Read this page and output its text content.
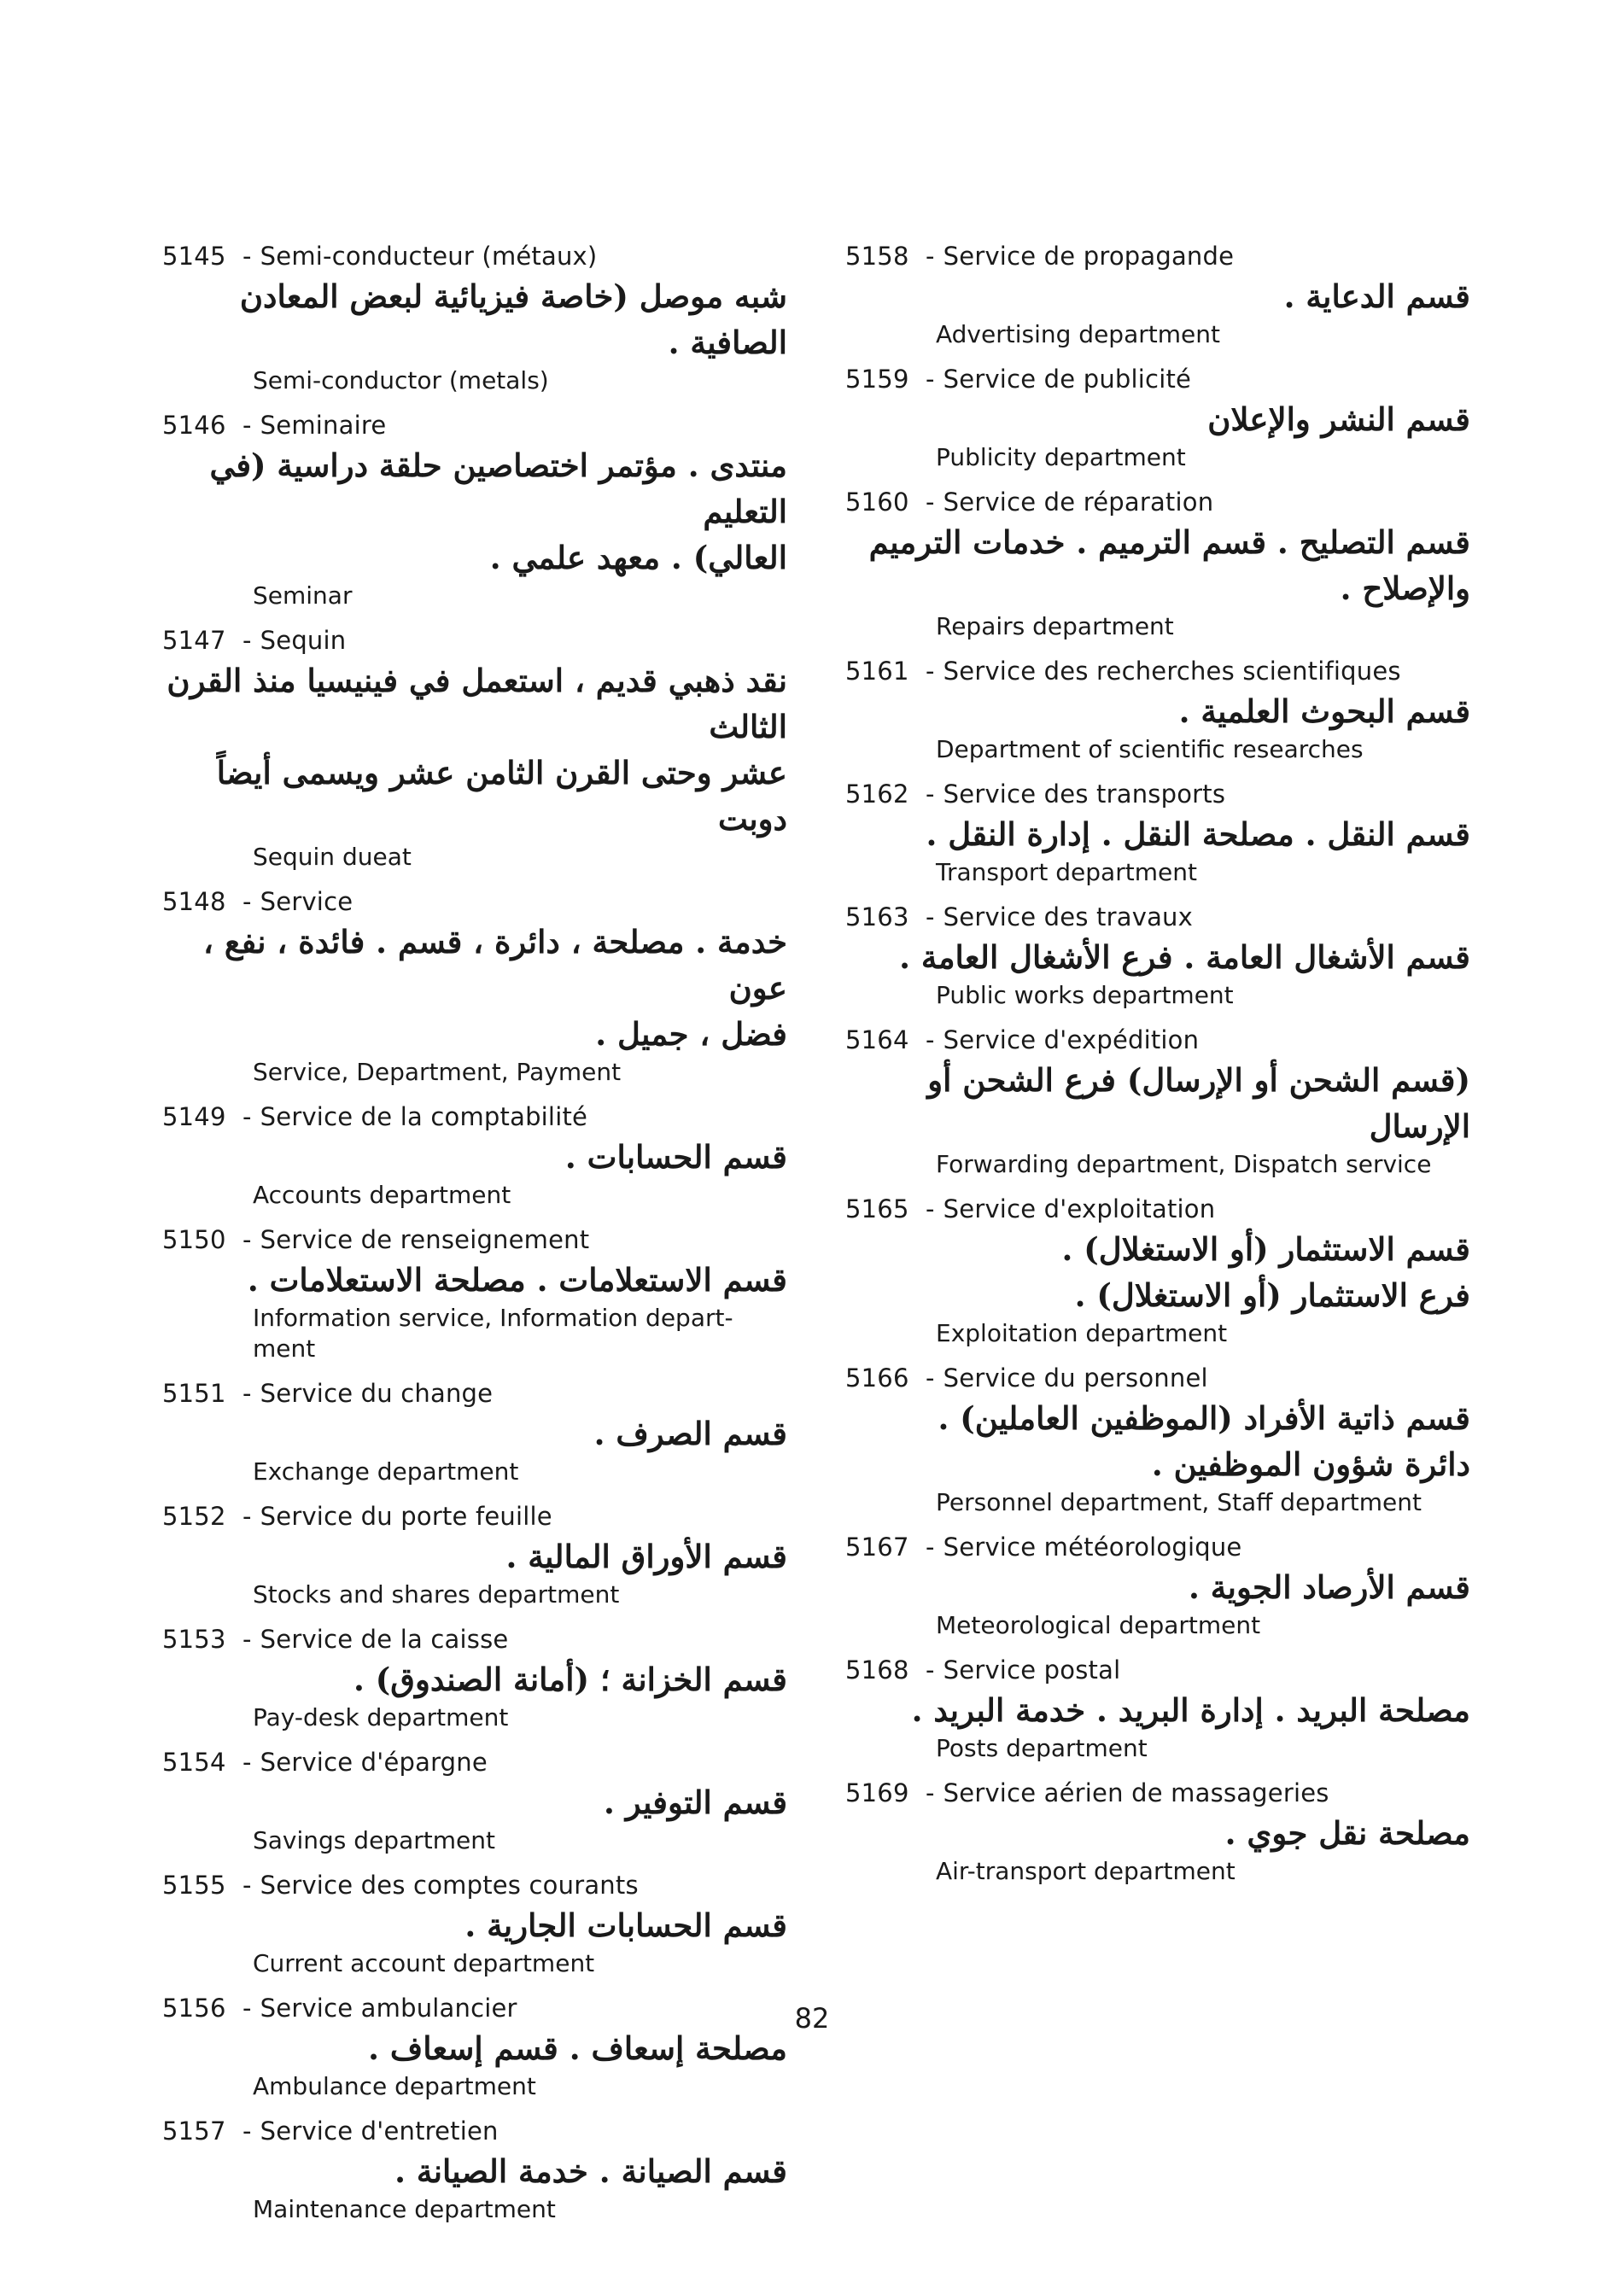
5145 - Semi-conducteur (métaux)
شبه موصل (خاصة فيزيائية لبعض المعادن الصافية .
Semi-conductor (metals)
5146 - Seminaire
منتدى . مؤتمر اختصاصين حلقة دراسية (في التعليم
العالي) . معهد علمي .
Seminar
5147 - Sequin
نقد ذهبي قديم ، استعمل في فينيسيا منذ القرن الثالث
عشر وحتى القرن الثامن عشر ويسمى أيضاً
دوبت
Sequin dueat
5148 - Service
خدمة . مصلحة ، دائرة ، قسم . فائدة ، نفع ، عون
فضل ، جميل .
Service, Department, Payment
5149 - Service de la comptabilité
قسم الحسابات .
Accounts department
5150 - Service de renseignement
قسم الاستعلامات . مصلحة الاستعلامات .
Information service, Information depart-ment
5151 - Service du change
قسم الصرف .
Exchange department
5152 - Service du porte feuille
قسم الأوراق المالية .
Stocks and shares department
5153 - Service de la caisse
قسم الخزانة ؛ (أمانة الصندوق) .
Pay-desk department
5154 - Service d'épargne
قسم التوفير .
Savings department
5155 - Service des comptes courants
قسم الحسابات الجارية .
Current account department
5156 - Service ambulancier
مصلحة إسعاف . قسم إسعاف .
Ambulance department
5157 - Service d'entretien
قسم الصيانة . خدمة الصيانة .
Maintenance department
5158 - Service de propagande
قسم الدعاية .
Advertising department
5159 - Service de publicité
قسم النشر والإعلان
Publicity department
5160 - Service de réparation
قسم التصليح . قسم الترميم . خدمات الترميم
والإصلاح .
Repairs department
5161 - Service des recherches scientifiques
قسم البحوث العلمية .
Department of scientific researches
5162 - Service des transports
قسم النقل . مصلحة النقل . إدارة النقل .
Transport department
5163 - Service des travaux
قسم الأشغال العامة . فرع الأشغال العامة .
Public works department
5164 - Service d'expédition
(قسم الشحن أو الإرسال) فرع الشحن أو الإرسال
Forwarding department, Dispatch service
5165 - Service d'exploitation
قسم الاستثمار (أو الاستغلال) .
فرع الاستثمار (أو الاستغلال) .
Exploitation department
5166 - Service du personnel
قسم ذاتية الأفراد (الموظفين العاملين) .
دائرة شؤون الموظفين .
Personnel department, Staff department
5167 - Service météorologique
قسم الأرصاد الجوية .
Meteorological department
5168 - Service postal
مصلحة البريد . إدارة البريد . خدمة البريد .
Posts department
5169 - Service aérien de massageries
مصلحة نقل جوي .
Air-transport department
82
